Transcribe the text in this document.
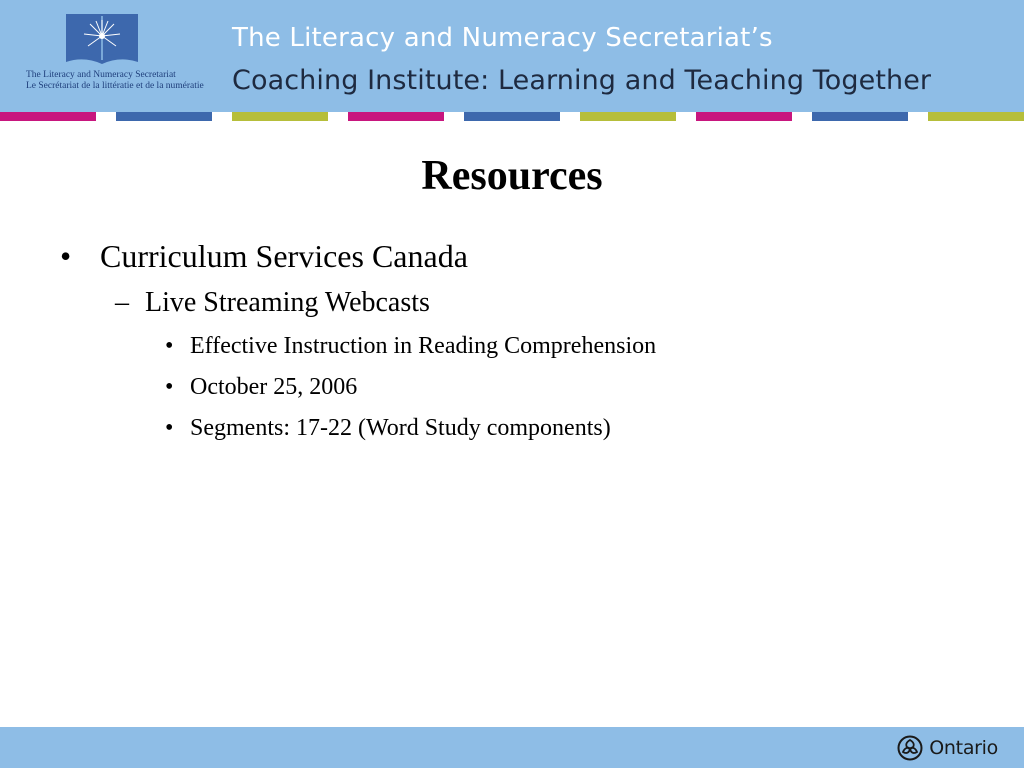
The Literacy and Numeracy Secretariat
Le Secrétariat de la littératie et de la numératie
The Literacy and Numeracy Secretariat’s
Coaching Institute: Learning and Teaching Together
Resources
• Curriculum Services Canada
– Live Streaming Webcasts
• Effective Instruction in Reading Comprehension
• October 25, 2006
• Segments: 17-22 (Word Study components)
Ontario
